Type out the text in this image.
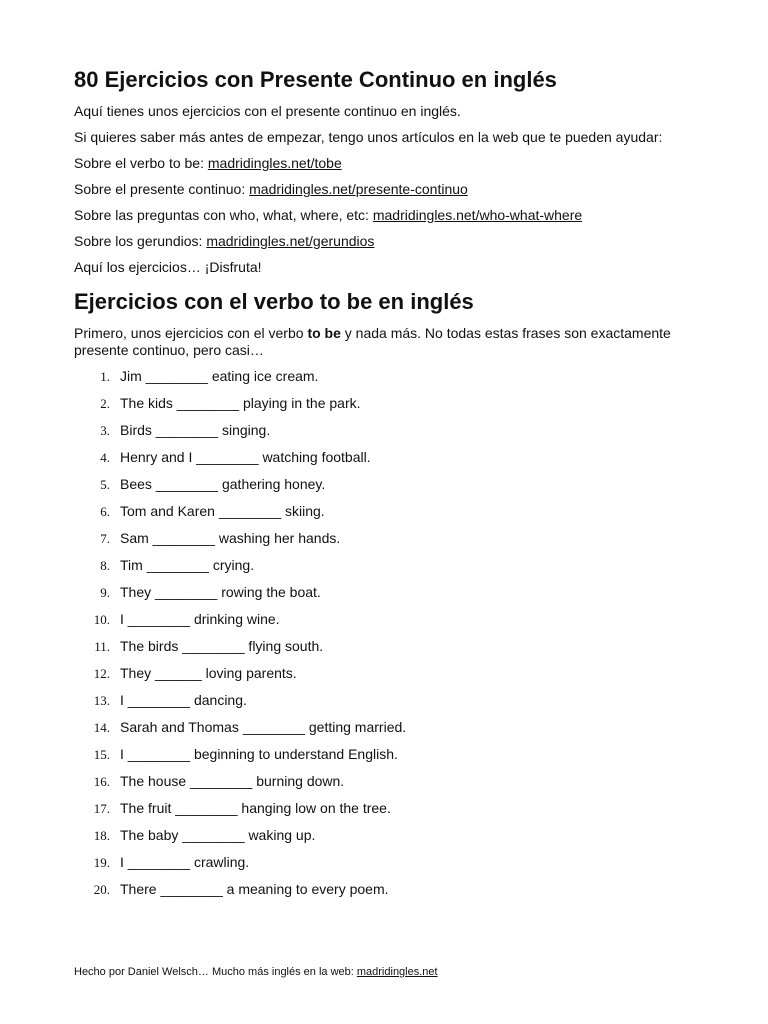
80 Ejercicios con Presente Continuo en inglés

Aquí tienes unos ejercicios con el presente continuo en inglés.

Si quieres saber más antes de empezar, tengo unos artículos en la web que te pueden ayudar:

Sobre el verbo to be: madridingles.net/tobe

Sobre el presente continuo: madridingles.net/presente-continuo

Sobre las preguntas con who, what, where, etc: madridingles.net/who-what-where

Sobre los gerundios: madridingles.net/gerundios

Aquí los ejercicios… ¡Disfruta!

Ejercicios con el verbo to be en inglés

Primero, unos ejercicios con el verbo to be y nada más. No todas estas frases son exactamente presente continuo, pero casi…

1. Jim ________ eating ice cream.
2. The kids ________ playing in the park.
3. Birds ________ singing.
4. Henry and I ________ watching football.
5. Bees ________ gathering honey.
6. Tom and Karen ________ skiing.
7. Sam ________ washing her hands.
8. Tim ________ crying.
9. They ________ rowing the boat.
10. I ________ drinking wine.
11. The birds ________ flying south.
12. They ______ loving parents.
13. I ________ dancing.
14. Sarah and Thomas ________ getting married.
15. I ________ beginning to understand English.
16. The house ________ burning down.
17. The fruit ________ hanging low on the tree.
18. The baby ________ waking up.
19. I ________ crawling.
20. There ________ a meaning to every poem.
Hecho por Daniel Welsch… Mucho más inglés en la web: madridingles.net
